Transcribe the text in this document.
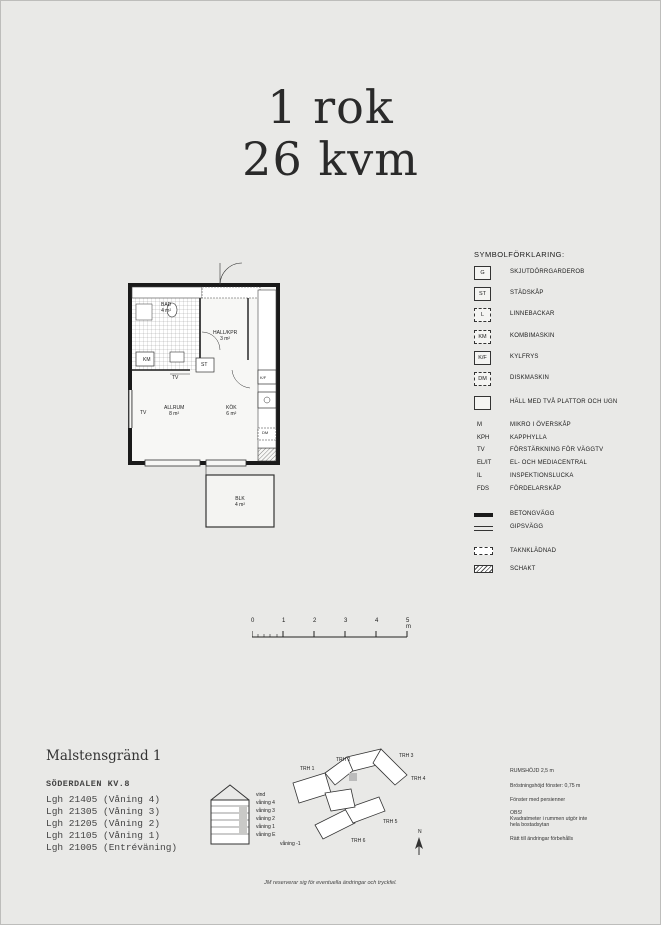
1 rok
26 kvm
BAD
4 m²
HALL/KPR
3 m²
ALLRUM
8 m²
KÖK
6 m²
BLK
4 m²
TV
TV
ST
KM
K/F
DM
SYMBOLFÖRKLARING:
G	SKJUTDÖRRGARDEROB
ST	STÄDSKÅP
L	LINNEBACKAR
KM	KOMBIMASKIN
K/F	KYLFRYS
DM	DISKMASKIN
HÄLL MED TVÅ PLATTOR OCH UGN
M	MIKRO I ÖVERSKÅP
KPH	KAPPHYLLA
TV	FÖRSTÄRKNING FÖR VÄGGTV
EL/IT	EL- OCH MEDIACENTRAL
IL	INSPEKTIONSLUCKA
FDS	FÖRDELARSKÅP
BETONGVÄGG
GIPSVÄGG
TAKNKLÄDNAD
SCHAKT
0	1	2	3	4	5 m
Malstensgränd 1
SÖDERDALEN KV.8
Lgh 21405 (Våning 4)
Lgh 21305 (Våning 3)
Lgh 21205 (Våning 2)
Lgh 21105 (Våning 1)
Lgh 21005 (Entréväning)
vind
våning 4
våning 3
våning 2
våning 1
våning E
våning -1
TRH 1
TRH 2
TRH 3
TRH 4
TRH 5
TRH 6
N
RUMSHÖJD 2,5 m
Bröstningshöjd fönster: 0,75 m
Fönster med persienner
OBS!
Kvadratmeter i rummen utgör inte
hela bostadsytan
Rätt till ändringar förbehålls
JM reserverar sig för eventuella ändringar och tryckfel.
